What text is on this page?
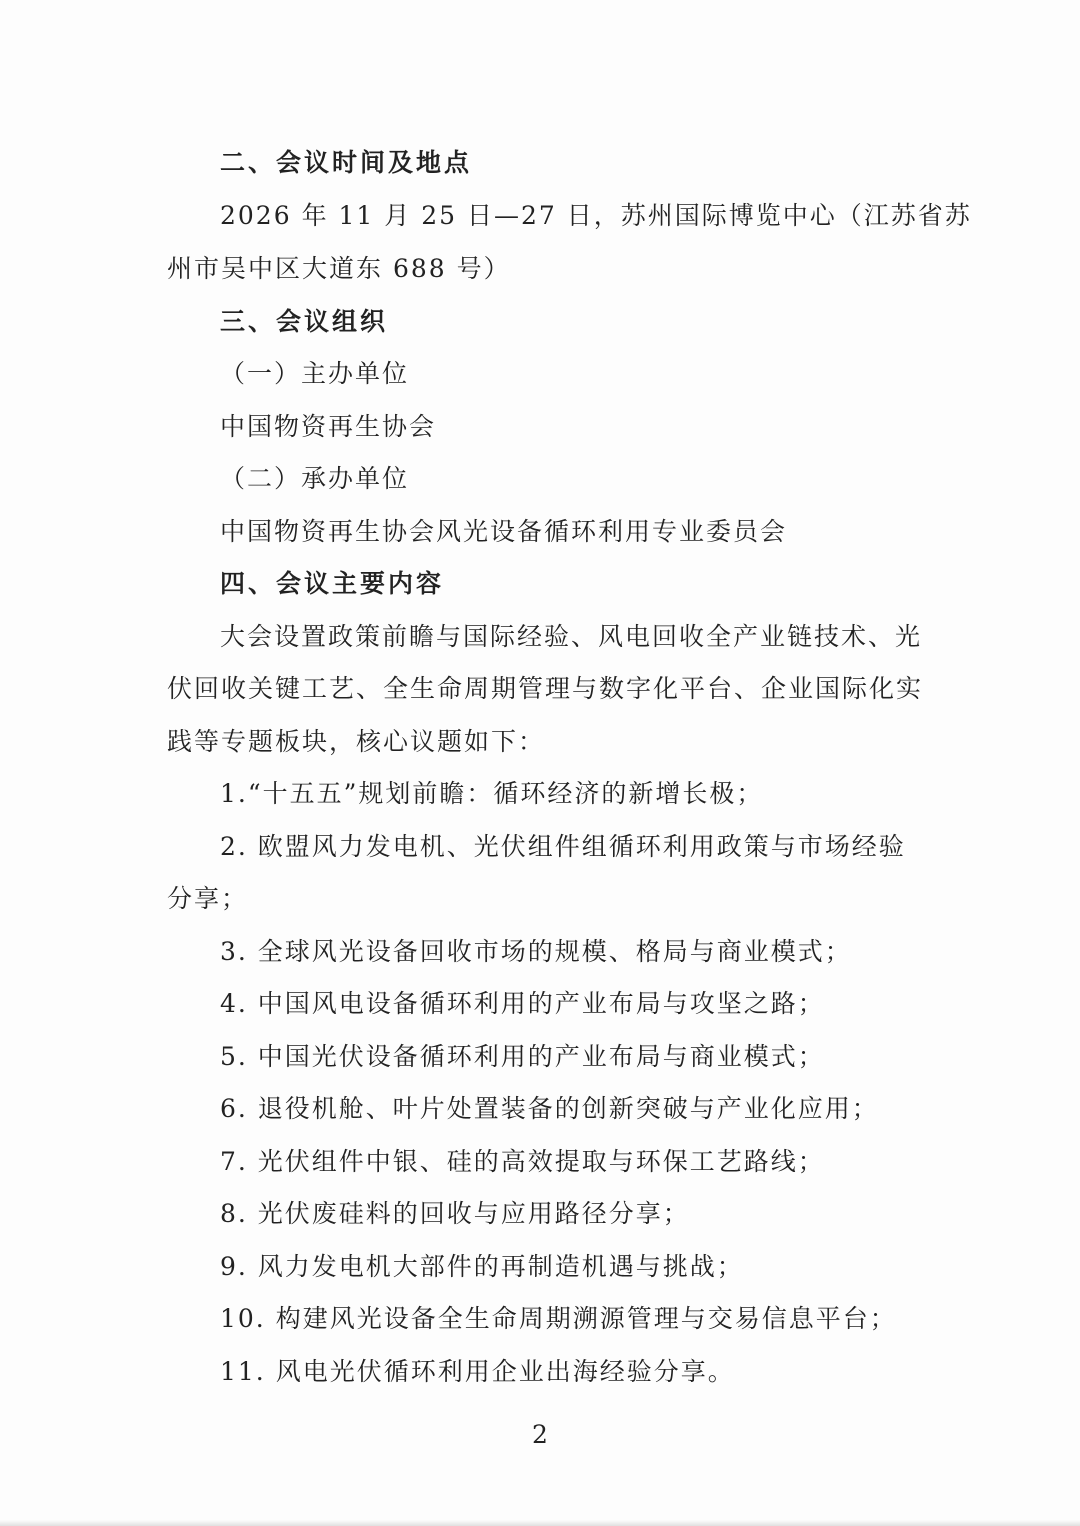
二、会议时间及地点
2026 年 11 月 25 日—27 日，苏州国际博览中心（江苏省苏
州市吴中区大道东 688 号）
三、会议组织
（一）主办单位
中国物资再生协会
（二）承办单位
中国物资再生协会风光设备循环利用专业委员会
四、会议主要内容
大会设置政策前瞻与国际经验、风电回收全产业链技术、光
伏回收关键工艺、全生命周期管理与数字化平台、企业国际化实
践等专题板块，核心议题如下：
1.“十五五”规划前瞻：循环经济的新增长极；
2. 欧盟风力发电机、光伏组件组循环利用政策与市场经验
分享；
3. 全球风光设备回收市场的规模、格局与商业模式；
4. 中国风电设备循环利用的产业布局与攻坚之路；
5. 中国光伏设备循环利用的产业布局与商业模式；
6. 退役机舱、叶片处置装备的创新突破与产业化应用；
7. 光伏组件中银、硅的高效提取与环保工艺路线；
8. 光伏废硅料的回收与应用路径分享；
9. 风力发电机大部件的再制造机遇与挑战；
10. 构建风光设备全生命周期溯源管理与交易信息平台；
11. 风电光伏循环利用企业出海经验分享。
2
